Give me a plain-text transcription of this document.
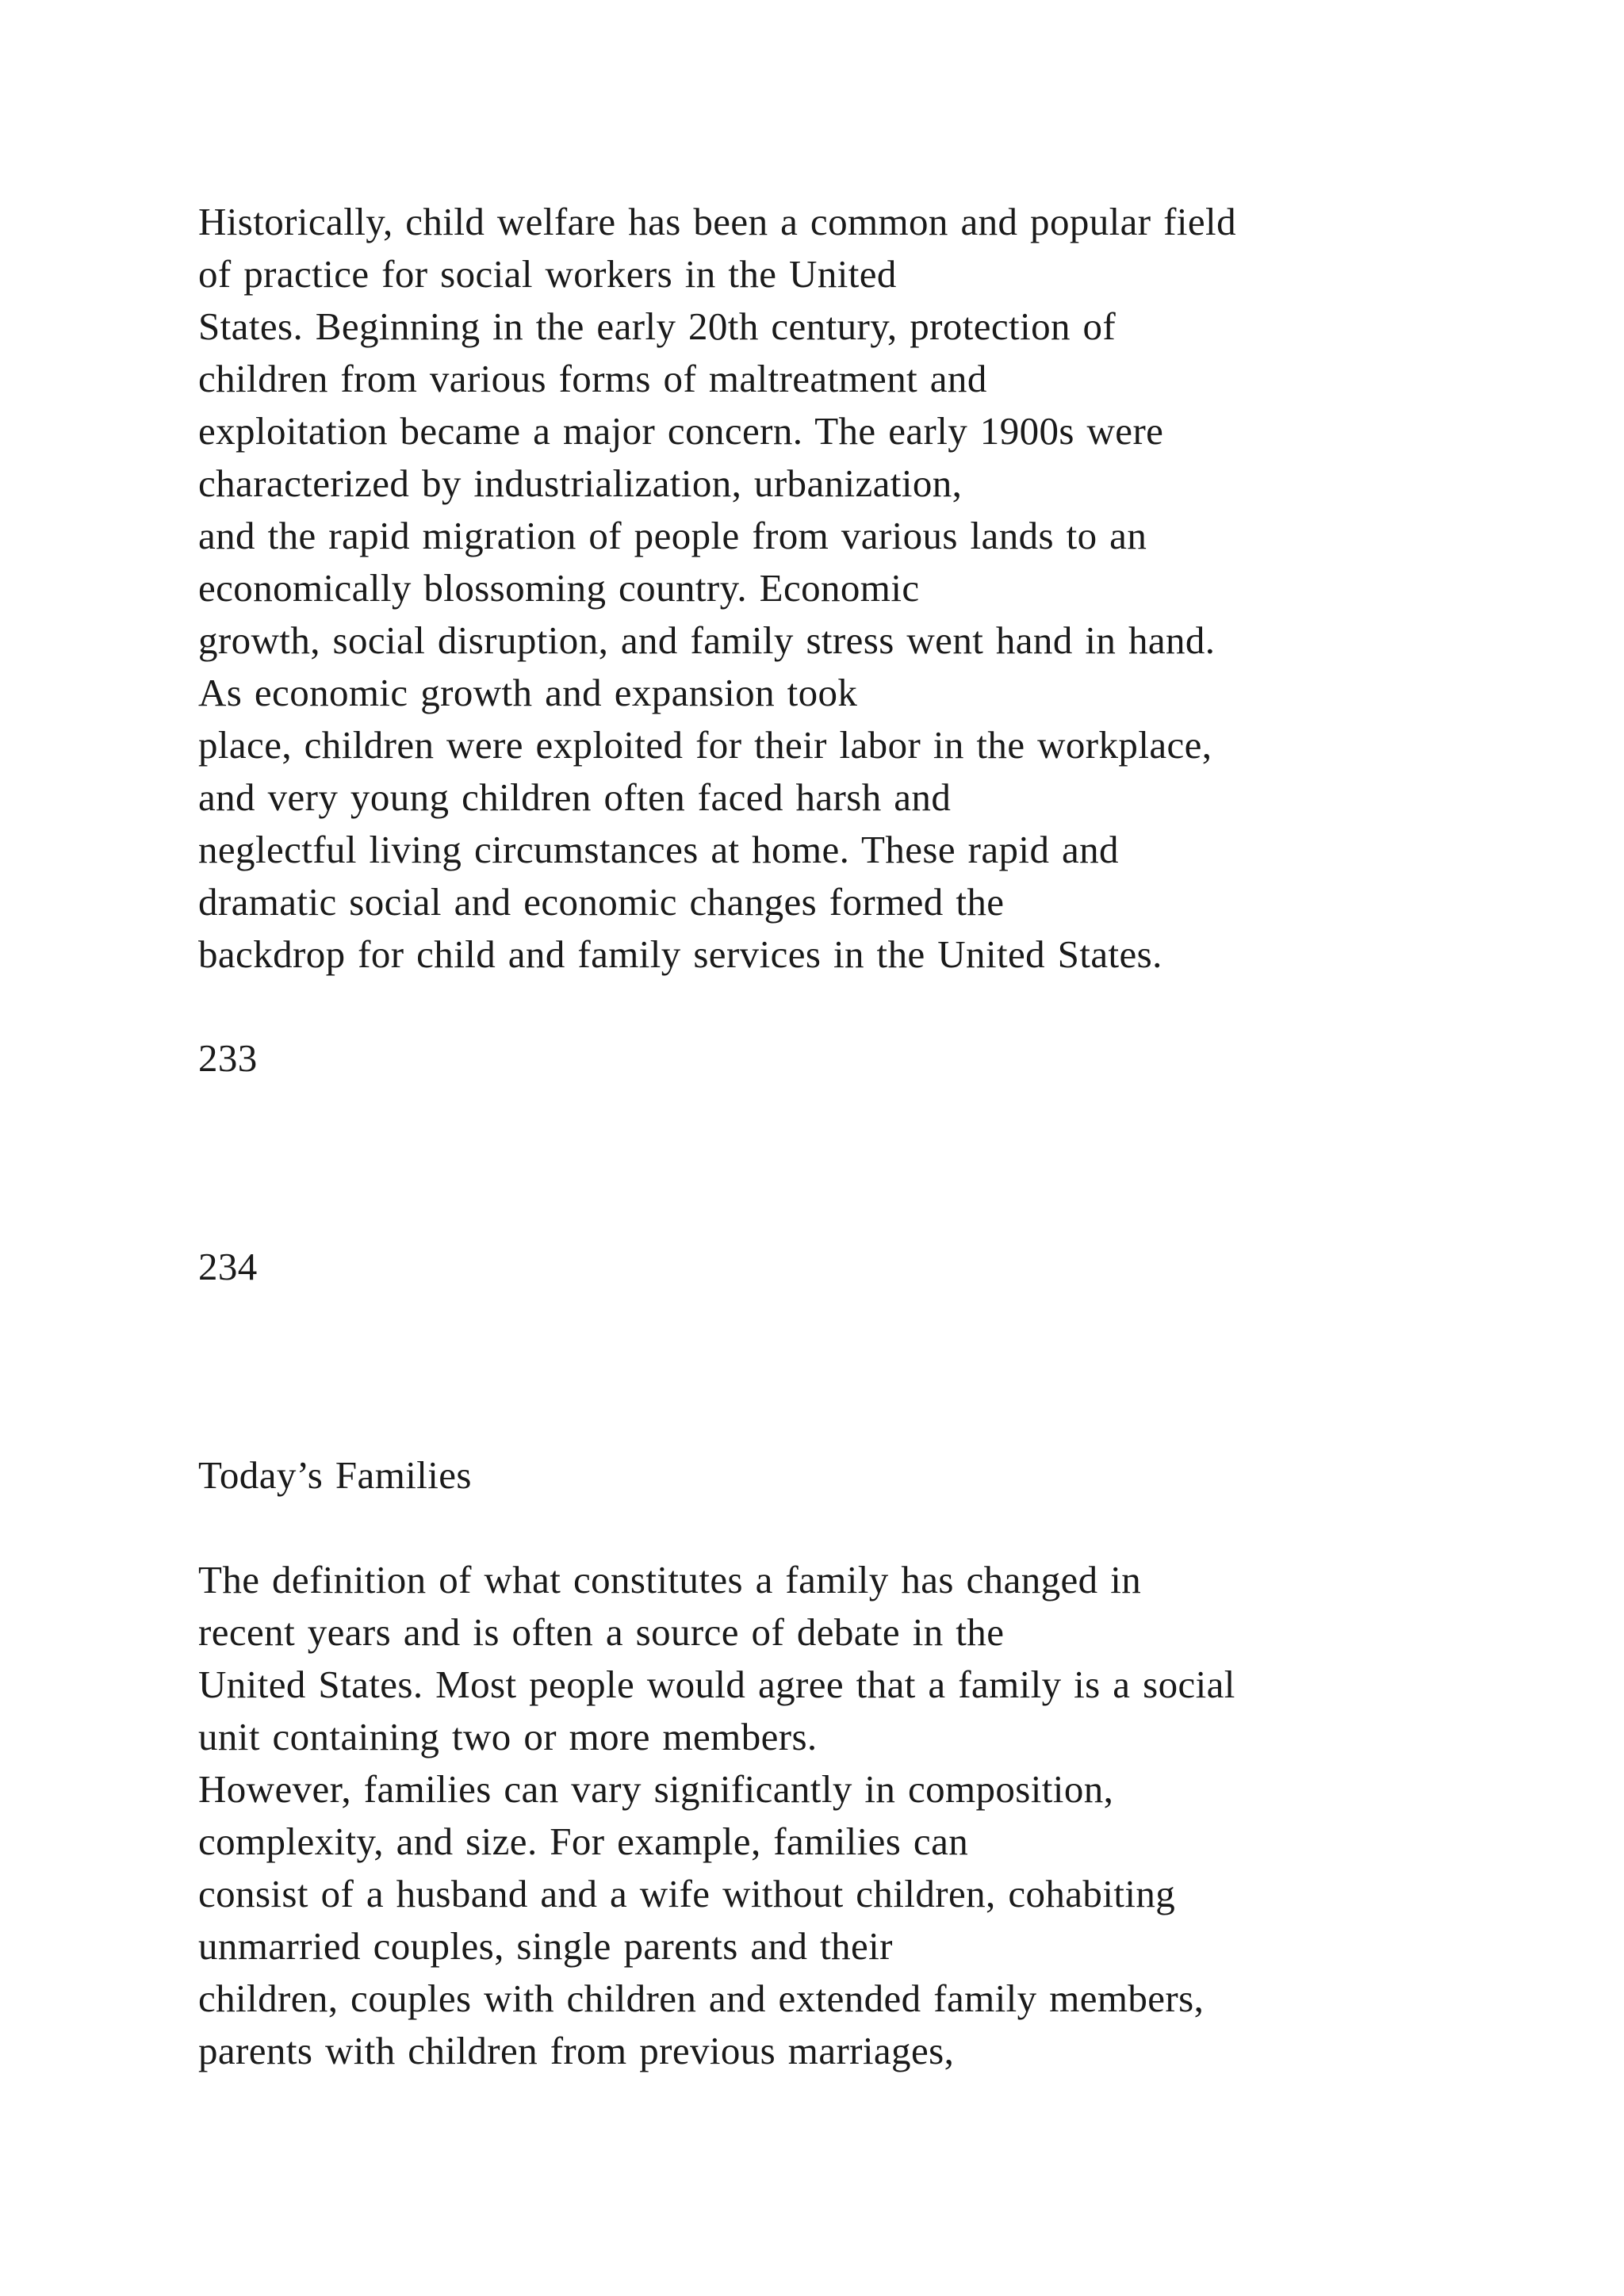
Historically, child welfare has been a common and popular field
of practice for social workers in the United
States. Beginning in the early 20th century, protection of
children from various forms of maltreatment and
exploitation became a major concern. The early 1900s were
characterized by industrialization, urbanization,
and the rapid migration of people from various lands to an
economically blossoming country. Economic
growth, social disruption, and family stress went hand in hand.
As economic growth and expansion took
place, children were exploited for their labor in the workplace,
and very young children often faced harsh and
neglectful living circumstances at home. These rapid and
dramatic social and economic changes formed the
backdrop for child and family services in the United States.
233
234
Today’s Families
The definition of what constitutes a family has changed in
recent years and is often a source of debate in the
United States. Most people would agree that a family is a social
unit containing two or more members.
However, families can vary significantly in composition,
complexity, and size. For example, families can
consist of a husband and a wife without children, cohabiting
unmarried couples, single parents and their
children, couples with children and extended family members,
parents with children from previous marriages,
